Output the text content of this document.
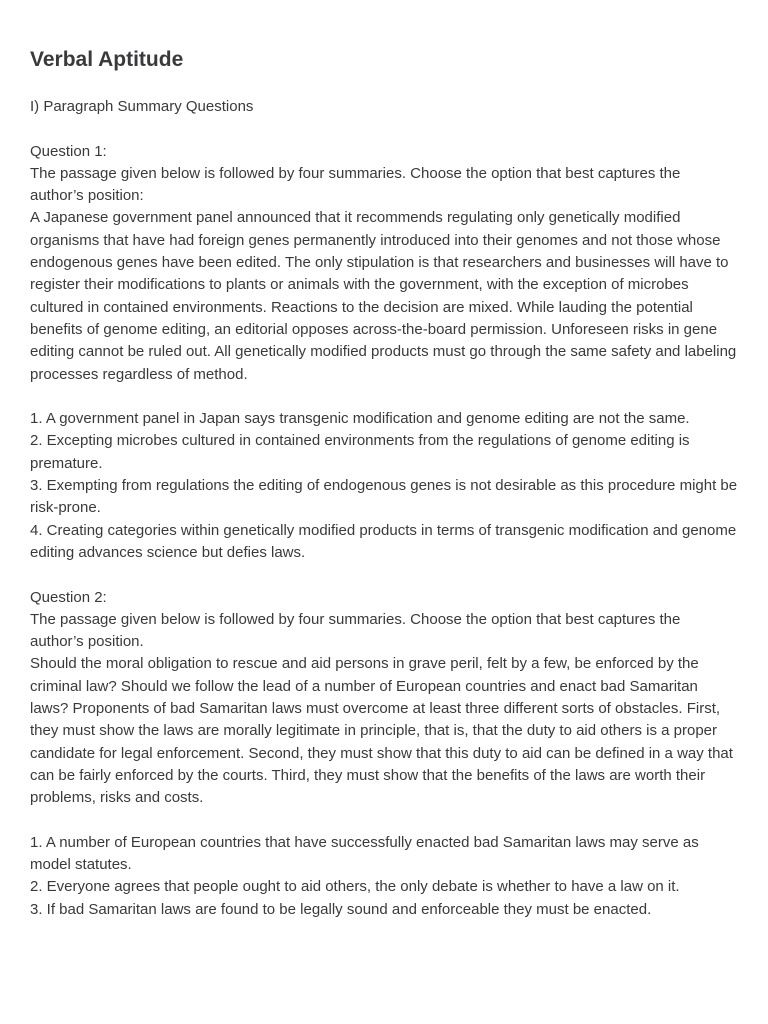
Verbal Aptitude

I) Paragraph Summary Questions

Question 1:

The passage given below is followed by four summaries. Choose the option that best captures the author’s position:

A Japanese government panel announced that it recommends regulating only genetically modified organisms that have had foreign genes permanently introduced into their genomes and not those whose endogenous genes have been edited. The only stipulation is that researchers and businesses will have to register their modifications to plants or animals with the government, with the exception of microbes cultured in contained environments. Reactions to the decision are mixed. While lauding the potential benefits of genome editing, an editorial opposes across-the-board permission. Unforeseen risks in gene editing cannot be ruled out. All genetically modified products must go through the same safety and labeling processes regardless of method.

1. A government panel in Japan says transgenic modification and genome editing are not the same.

2. Excepting microbes cultured in contained environments from the regulations of genome editing is premature.

3. Exempting from regulations the editing of endogenous genes is not desirable as this procedure might be risk-prone.

4. Creating categories within genetically modified products in terms of transgenic modification and genome editing advances science but defies laws.

Question 2:

The passage given below is followed by four summaries. Choose the option that best captures the author’s position.

Should the moral obligation to rescue and aid persons in grave peril, felt by a few, be enforced by the criminal law? Should we follow the lead of a number of European countries and enact bad Samaritan laws? Proponents of bad Samaritan laws must overcome at least three different sorts of obstacles. First, they must show the laws are morally legitimate in principle, that is, that the duty to aid others is a proper candidate for legal enforcement. Second, they must show that this duty to aid can be defined in a way that can be fairly enforced by the courts. Third, they must show that the benefits of the laws are worth their problems, risks and costs.

1. A number of European countries that have successfully enacted bad Samaritan laws may serve as model statutes.

2. Everyone agrees that people ought to aid others, the only debate is whether to have a law on it.

3. If bad Samaritan laws are found to be legally sound and enforceable they must be enacted.
